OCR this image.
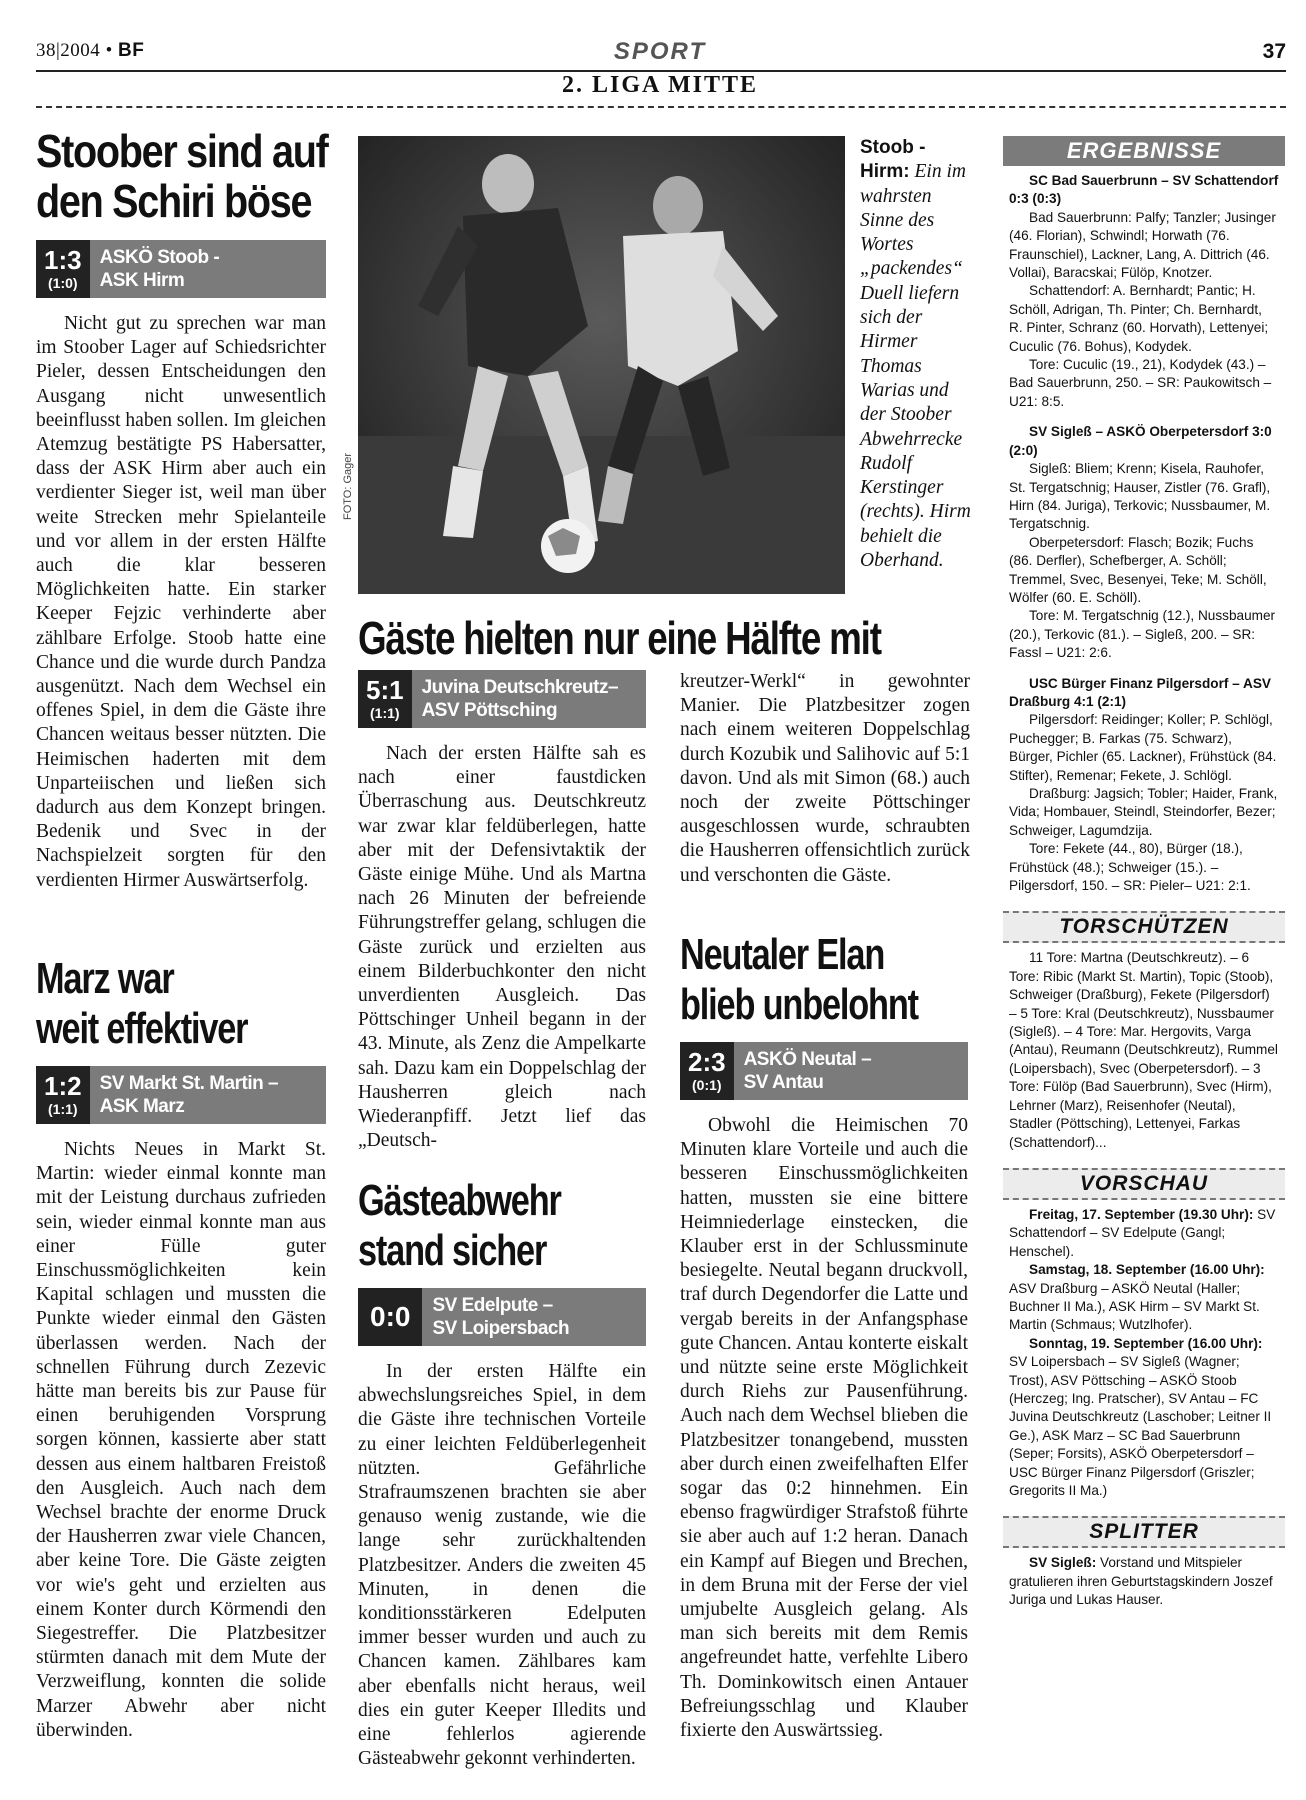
38|2004 • BF	SPORT	37
2. LIGA MITTE
Stoober sind auf
den Schiri böse
1:3
(1:0)
ASKÖ Stoob -
ASK Hirm

Nicht gut zu sprechen war man im Stoober Lager auf Schiedsrichter Pieler, dessen Entscheidungen den Ausgang nicht unwesentlich beeinflusst haben sollen. Im gleichen Atemzug bestätigte PS Habersatter, dass der ASK Hirm aber auch ein verdienter Sieger ist, weil man über weite Strecken mehr Spielanteile und vor allem in der ersten Hälfte auch die klar besseren Möglichkeiten hatte. Ein starker Keeper Fejzic verhinderte aber zählbare Erfolge. Stoob hatte eine Chance und die wurde durch Pandza ausgenützt. Nach dem Wechsel ein offenes Spiel, in dem die Gäste ihre Chancen weitaus besser nützten. Die Heimischen haderten mit dem Unparteiischen und ließen sich dadurch aus dem Konzept bringen. Bedenik und Svec in der Nachspielzeit sorgten für den verdienten Hirmer Auswärtserfolg.

Marz war
weit effektiver
1:2
(1:1)
SV Markt St. Martin –
ASK Marz

Nichts Neues in Markt St. Martin: wieder einmal konnte man mit der Leistung durchaus zufrieden sein, wieder einmal konnte man aus einer Fülle guter Einschussmöglichkeiten kein Kapital schlagen und mussten die Punkte wieder einmal den Gästen überlassen werden. Nach der schnellen Führung durch Zezevic hätte man bereits bis zur Pause für einen beruhigenden Vorsprung sorgen können, kassierte aber statt dessen aus einem haltbaren Freistoß den Ausgleich. Auch nach dem Wechsel brachte der enorme Druck der Hausherren zwar viele Chancen, aber keine Tore. Die Gäste zeigten vor wie's geht und erzielten aus einem Konter durch Körmendi den Siegestreffer. Die Platzbesitzer stürmten danach mit dem Mute der Verzweiflung, konnten die solide Marzer Abwehr aber nicht überwinden.

FOTO: Gager
Stoob - Hirm: Ein im wahrsten Sinne des Wortes „packendes“ Duell liefern sich der Hirmer Thomas Warias und der Stoober Abwehrrecke Rudolf Kerstinger (rechts). Hirm behielt die Oberhand.
Gäste hielten nur eine Hälfte mit
5:1
(1:1)
Juvina Deutschkreutz–
ASV Pöttsching

Nach der ersten Hälfte sah es nach einer faustdicken Überraschung aus. Deutschkreutz war zwar klar feldüberlegen, hatte aber mit der Defensivtaktik der Gäste einige Mühe. Und als Martna nach 26 Minuten der befreiende Führungstreffer gelang, schlugen die Gäste zurück und erzielten aus einem Bilderbuchkonter den nicht unverdienten Ausgleich. Das Pöttschinger Unheil begann in der 43. Minute, als Zenz die Ampelkarte sah. Dazu kam ein Doppelschlag der Hausherren gleich nach Wiederanpfiff. Jetzt lief das „Deutsch-

kreutzer-Werkl“ in gewohnter Manier. Die Platzbesitzer zogen nach einem weiteren Doppelschlag durch Kozubik und Salihovic auf 5:1 davon. Und als mit Simon (68.) auch noch der zweite Pöttschinger ausgeschlossen wurde, schraubten die Hausherren offensichtlich zurück und verschonten die Gäste.

Gästeabwehr
stand sicher
0:0 SV Edelpute –
SV Loipersbach

In der ersten Hälfte ein abwechslungsreiches Spiel, in dem die Gäste ihre technischen Vorteile zu einer leichten Feldüberlegenheit nützten. Gefährliche Strafraumszenen brachten sie aber genauso wenig zustande, wie die lange sehr zurückhaltenden Platzbesitzer. Anders die zweiten 45 Minuten, in denen die konditionsstärkeren Edelputen immer besser wurden und auch zu Chancen kamen. Zählbares kam aber ebenfalls nicht heraus, weil dies ein guter Keeper Illedits und eine fehlerlos agierende Gästeabwehr gekonnt verhinderten.

Neutaler Elan
blieb unbelohnt
2:3
(0:1)
ASKÖ Neutal –
SV Antau

Obwohl die Heimischen 70 Minuten klare Vorteile und auch die besseren Einschussmöglichkeiten hatten, mussten sie eine bittere Heimniederlage einstecken, die Klauber erst in der Schlussminute besiegelte. Neutal begann druckvoll, traf durch Degendorfer die Latte und vergab bereits in der Anfangsphase gute Chancen. Antau konterte eiskalt und nützte seine erste Möglichkeit durch Riehs zur Pausenführung. Auch nach dem Wechsel blieben die Platzbesitzer tonangebend, mussten aber durch einen zweifelhaften Elfer sogar das 0:2 hinnehmen. Ein ebenso fragwürdiger Strafstoß führte sie aber auch auf 1:2 heran. Danach ein Kampf auf Biegen und Brechen, in dem Bruna mit der Ferse der viel umjubelte Ausgleich gelang. Als man sich bereits mit dem Remis angefreundet hatte, verfehlte Libero Th. Dominkowitsch einen Antauer Befreiungsschlag und Klauber fixierte den Auswärtssieg.

ERGEBNISSE

SC Bad Sauerbrunn – SV Schattendorf 0:3 (0:3)

Bad Sauerbrunn: Palfy; Tanzler; Jusinger (46. Florian), Schwindl; Horwath (76. Fraunschiel), Lackner, Lang, A. Dittrich (46. Vollai), Baracskai; Fülöp, Knotzer.

Schattendorf: A. Bernhardt; Pantic; H. Schöll, Adrigan, Th. Pinter; Ch. Bernhardt, R. Pinter, Schranz (60. Horvath), Lettenyei; Cuculic (76. Bohus), Kodydek.

Tore: Cuculic (19., 21), Kodydek (43.) – Bad Sauerbrunn, 250. – SR: Paukowitsch – U21: 8:5.

SV Sigleß – ASKÖ Oberpetersdorf 3:0 (2:0)

Sigleß: Bliem; Krenn; Kisela, Rauhofer, St. Tergatschnig; Hauser, Zistler (76. Grafl), Hirn (84. Juriga), Terkovic; Nussbaumer, M. Tergatschnig.

Oberpetersdorf: Flasch; Bozik; Fuchs (86. Derfler), Schefberger, A. Schöll; Tremmel, Svec, Besenyei, Teke; M. Schöll, Wölfer (60. E. Schöll).

Tore: M. Tergatschnig (12.), Nussbaumer (20.), Terkovic (81.). – Sigleß, 200. – SR: Fassl – U21: 2:6.

USC Bürger Finanz Pilgersdorf – ASV Draßburg 4:1 (2:1)

Pilgersdorf: Reidinger; Koller; P. Schlögl, Puchegger; B. Farkas (75. Schwarz), Bürger, Pichler (65. Lackner), Frühstück (84. Stifter), Remenar; Fekete, J. Schlögl.

Draßburg: Jagsich; Tobler; Haider, Frank, Vida; Hombauer, Steindl, Steindorfer, Bezer; Schweiger, Lagumdzija.

Tore: Fekete (44., 80), Bürger (18.), Frühstück (48.); Schweiger (15.). – Pilgersdorf, 150. – SR: Pieler– U21: 2:1.

TORSCHÜTZEN

11 Tore: Martna (Deutschkreutz). – 6 Tore: Ribic (Markt St. Martin), Topic (Stoob), Schweiger (Draßburg), Fekete (Pilgersdorf) – 5 Tore: Kral (Deutschkreutz), Nussbaumer (Sigleß). – 4 Tore: Mar. Hergovits, Varga (Antau), Reumann (Deutschkreutz), Rummel (Loipersbach), Svec (Oberpetersdorf). – 3 Tore: Fülöp (Bad Sauerbrunn), Svec (Hirm), Lehrner (Marz), Reisenhofer (Neutal), Stadler (Pöttsching), Lettenyei, Farkas (Schattendorf)...

VORSCHAU

Freitag, 17. September (19.30 Uhr): SV Schattendorf – SV Edelpute (Gangl; Henschel).

Samstag, 18. September (16.00 Uhr): ASV Draßburg – ASKÖ Neutal (Haller; Buchner II Ma.), ASK Hirm – SV Markt St. Martin (Schmaus; Wutzlhofer).

Sonntag, 19. September (16.00 Uhr): SV Loipersbach – SV Sigleß (Wagner; Trost), ASV Pöttsching – ASKÖ Stoob (Herczeg; Ing. Pratscher), SV Antau – FC Juvina Deutschkreutz (Laschober; Leitner II Ge.), ASK Marz – SC Bad Sauerbrunn (Seper; Forsits), ASKÖ Oberpetersdorf – USC Bürger Finanz Pilgersdorf (Griszler; Gregorits II Ma.)

SPLITTER

SV Sigleß: Vorstand und Mitspieler gratulieren ihren Geburtstagskindern Joszef Juriga und Lukas Hauser.
